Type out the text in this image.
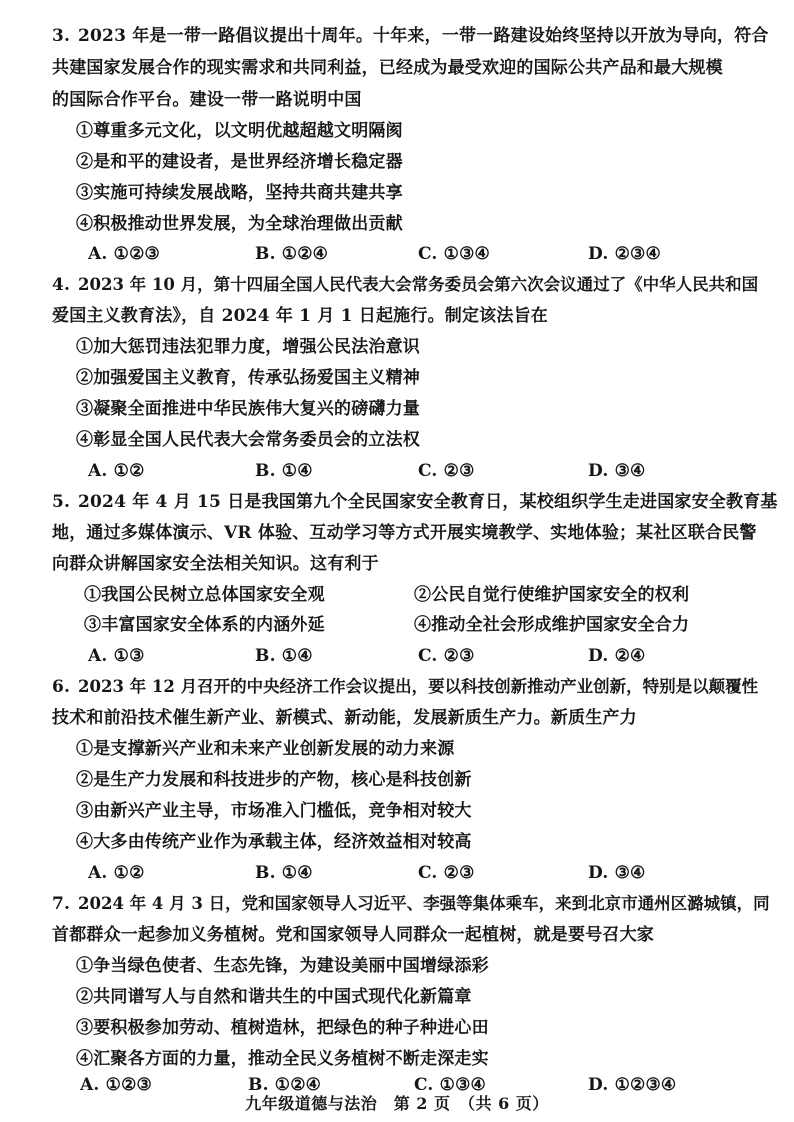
3. 2023 年是一带一路倡议提出十周年。十年来，一带一路建设始终坚持以开放为导向，符合
共建国家发展合作的现实需求和共同利益，已经成为最受欢迎的国际公共产品和最大规模
的国际合作平台。建设一带一路说明中国
①尊重多元文化，以文明优越超越文明隔阂
②是和平的建设者，是世界经济增长稳定器
③实施可持续发展战略，坚持共商共建共享
④积极推动世界发展，为全球治理做出贡献
A. ①②③	B. ①②④	C. ①③④	D. ②③④
4. 2023 年 10 月，第十四届全国人民代表大会常务委员会第六次会议通过了《中华人民共和国
爱国主义教育法》，自 2024 年 1 月 1 日起施行。制定该法旨在
①加大惩罚违法犯罪力度，增强公民法治意识
②加强爱国主义教育，传承弘扬爱国主义精神
③凝聚全面推进中华民族伟大复兴的磅礴力量
④彰显全国人民代表大会常务委员会的立法权
A. ①②	B. ①④	C. ②③	D. ③④
5. 2024 年 4 月 15 日是我国第九个全民国家安全教育日，某校组织学生走进国家安全教育基
地，通过多媒体演示、VR 体验、互动学习等方式开展实境教学、实地体验；某社区联合民警
向群众讲解国家安全法相关知识。这有利于
①我国公民树立总体国家安全观	②公民自觉行使维护国家安全的权利
③丰富国家安全体系的内涵外延	④推动全社会形成维护国家安全合力
A. ①③	B. ①④	C. ②③	D. ②④
6. 2023 年 12 月召开的中央经济工作会议提出，要以科技创新推动产业创新，特别是以颠覆性
技术和前沿技术催生新产业、新模式、新动能，发展新质生产力。新质生产力
①是支撑新兴产业和未来产业创新发展的动力来源
②是生产力发展和科技进步的产物，核心是科技创新
③由新兴产业主导，市场准入门槛低，竞争相对较大
④大多由传统产业作为承载主体，经济效益相对较高
A. ①②	B. ①④	C. ②③	D. ③④
7. 2024 年 4 月 3 日，党和国家领导人习近平、李强等集体乘车，来到北京市通州区潞城镇，同
首都群众一起参加义务植树。党和国家领导人同群众一起植树，就是要号召大家
①争当绿色使者、生态先锋，为建设美丽中国增绿添彩
②共同谱写人与自然和谐共生的中国式现代化新篇章
③要积极参加劳动、植树造林，把绿色的种子种进心田
④汇聚各方面的力量，推动全民义务植树不断走深走实
A. ①②③	B. ①②④	C. ①③④	D. ①②③④
九年级道德与法治　第 2 页　（共 6 页）
